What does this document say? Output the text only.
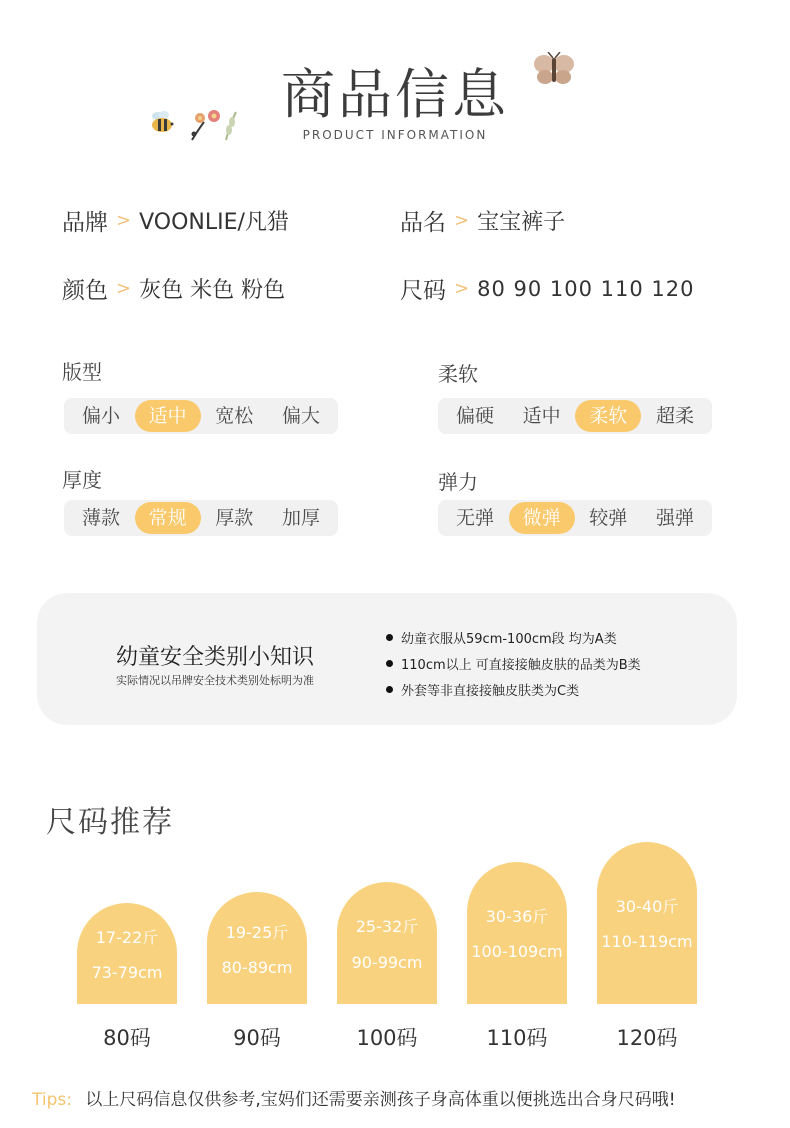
商品信息
PRODUCT INFORMATION
品牌 > VOONLIE/凡猎	品名 > 宝宝裤子
颜色 > 灰色 米色 粉色	尺码 > 80 90 100 110 120
版型
偏小	适中	宽松	偏大
柔软
偏硬	适中	柔软	超柔
厚度
薄款	常规	厚款	加厚
弹力
无弹	微弹	较弹	强弹
幼童安全类别小知识
实际情况以吊牌安全技术类别处标明为准
幼童衣服从59cm-100cm段 均为A类
110cm以上 可直接接触皮肤的品类为B类
外套等非直接接触皮肤类为C类
尺码推荐
17-22斤
73-79cm
80码
19-25斤
80-89cm
90码
25-32斤
90-99cm
100码
30-36斤
100-109cm
110码
30-40斤
110-119cm
120码
Tips: 以上尺码信息仅供参考,宝妈们还需要亲测孩子身高体重以便挑选出合身尺码哦!
